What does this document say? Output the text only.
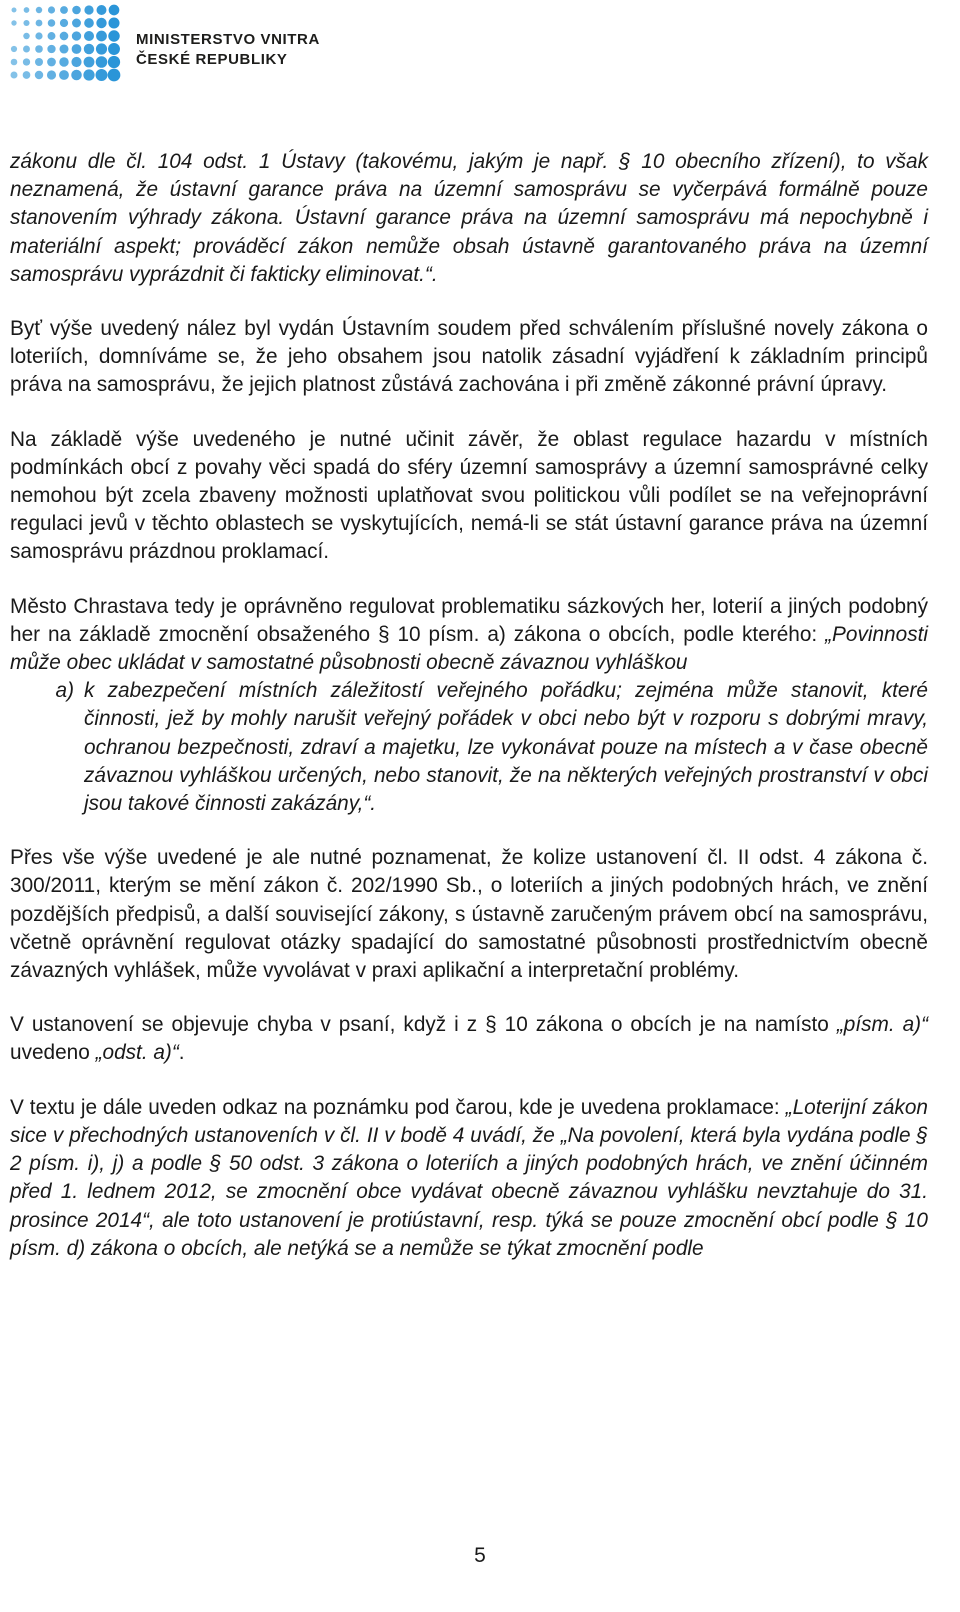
MINISTERSTVO VNITRA
ČESKÉ REPUBLIKY

zákonu dle čl. 104 odst. 1 Ústavy (takovému, jakým je např. § 10 obecního zřízení), to však neznamená, že ústavní garance práva na územní samosprávu se vyčerpává formálně pouze stanovením výhrady zákona. Ústavní garance práva na územní samosprávu má nepochybně i materiální aspekt; prováděcí zákon nemůže obsah ústavně garantovaného práva na územní samosprávu vyprázdnit či fakticky eliminovat.“.

Byť výše uvedený nález byl vydán Ústavním soudem před schválením příslušné novely zákona o loteriích, domníváme se, že jeho obsahem jsou natolik zásadní vyjádření k základním principů práva na samosprávu, že jejich platnost zůstává zachována i při změně zákonné právní úpravy.

Na základě výše uvedeného je nutné učinit závěr, že oblast regulace hazardu v místních podmínkách obcí z povahy věci spadá do sféry územní samosprávy a územní samosprávné celky nemohou být zcela zbaveny možnosti uplatňovat svou politickou vůli podílet se na veřejnoprávní regulaci jevů v těchto oblastech se vyskytujících, nemá-li se stát ústavní garance práva na územní samosprávu prázdnou proklamací.

Město Chrastava tedy je oprávněno regulovat problematiku sázkových her, loterií a jiných podobný her na základě zmocnění obsaženého § 10 písm. a) zákona o obcích, podle kterého: „Povinnosti může obec ukládat v samostatné působnosti obecně závaznou vyhláškou

a) k zabezpečení místních záležitostí veřejného pořádku; zejména může stanovit, které činnosti, jež by mohly narušit veřejný pořádek v obci nebo být v rozporu s dobrými mravy, ochranou bezpečnosti, zdraví a majetku, lze vykonávat pouze na místech a v čase obecně závaznou vyhláškou určených, nebo stanovit, že na některých veřejných prostranství v obci jsou takové činnosti zakázány,“.

Přes vše výše uvedené je ale nutné poznamenat, že kolize ustanovení čl. II odst. 4 zákona č. 300/2011, kterým se mění zákon č. 202/1990 Sb., o loteriích a jiných podobných hrách, ve znění pozdějších předpisů, a další související zákony, s ústavně zaručeným právem obcí na samosprávu, včetně oprávnění regulovat otázky spadající do samostatné působnosti prostřednictvím obecně závazných vyhlášek, může vyvolávat v praxi aplikační a interpretační problémy.

V ustanovení se objevuje chyba v psaní, když i z § 10 zákona o obcích je na namísto „písm. a)“ uvedeno „odst. a)“.

V textu je dále uveden odkaz na poznámku pod čarou, kde je uvedena proklamace: „Loterijní zákon sice v přechodných ustanoveních v čl. II v bodě 4 uvádí, že „Na povolení, která byla vydána podle § 2 písm. i), j) a podle § 50 odst. 3 zákona o loteriích a jiných podobných hrách, ve znění účinném před 1. lednem 2012, se zmocnění obce vydávat obecně závaznou vyhlášku nevztahuje do 31. prosince 2014“, ale toto ustanovení je protiústavní, resp. týká se pouze zmocnění obcí podle § 10 písm. d) zákona o obcích, ale netýká se a nemůže se týkat zmocnění podle

5
